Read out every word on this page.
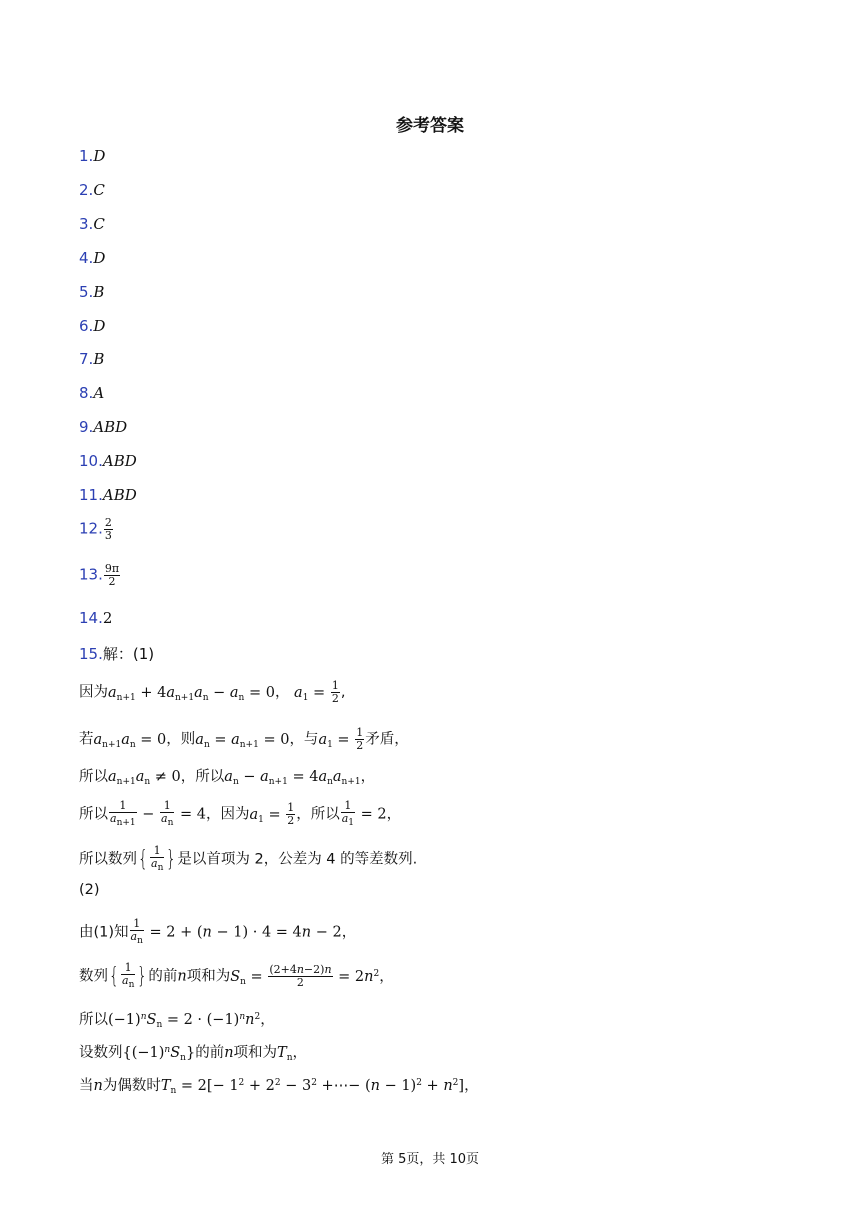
参考答案
1.D
2.C
3.C
4.D
5.B
6.D
7.B
8.A
9.ABD
10.ABD
11.ABD
12. $\frac{2}{3}$
13. $\frac{9\pi}{2}$
14.2
15.解：(1)
因为$a_{n+1} + 4a_{n+1}a_n - a_n = 0$， $a_1 = \frac{1}{2}$ ,
若$a_{n+1}a_n = 0$，则$a_n = a_{n+1} = 0$，与$a_1 = \frac{1}{2}$ 矛盾，
所以$a_{n+1}a_n \ne 0$，所以$a_n - a_{n+1} = 4a_na_{n+1}$，
所以 $\frac{1}{a_{n+1}} - \frac{1}{a_n} = 4$，因为$a_1 = \frac{1}{2}$ ，所以 $\frac{1}{a_1} = 2$，
所以数列{ $\frac{1}{a_n}$ }是以首项为 2，公差为 4 的等差数列.
(2)
由(1)知 $\frac{1}{a_n} = 2 + (n - 1) \cdot 4 = 4n - 2$，
数列{ $\frac{1}{a_n}$ }的前n项和为$S_n = \frac{(2+4n-2)n}{2} = 2n^2$，
所以$(-1)^nS_n = 2 \cdot (-1)^nn^2$，
设数列$\{(-1)^nS_n\}$的前n项和为$T_n$，
当n为偶数时$T_n = 2[- 1^2 + 2^2 - 3^2$ +⋯− $(n - 1)^2 + n^2$]，
第 5页，共 10页
